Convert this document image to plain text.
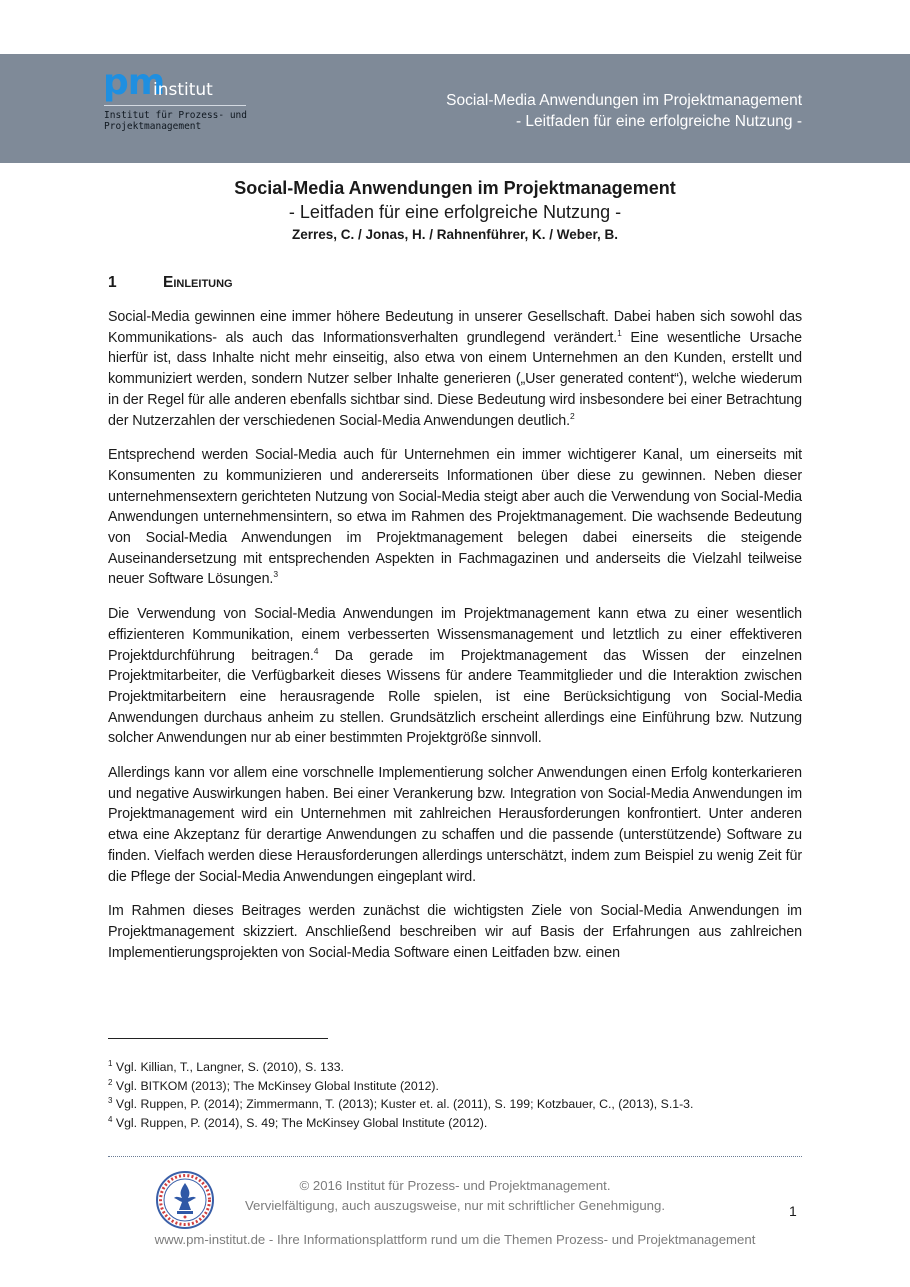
pm
institut
Institut für Prozess- und
Projektmanagement
Social-Media Anwendungen im Projektmanagement
- Leitfaden für eine erfolgreiche Nutzung -
Social-Media Anwendungen im Projektmanagement
- Leitfaden für eine erfolgreiche Nutzung -
Zerres, C. / Jonas, H. / Rahnenführer, K. / Weber, B.
1	Einleitung

Social-Media gewinnen eine immer höhere Bedeutung in unserer Gesellschaft. Dabei haben sich sowohl das Kommunikations- als auch das Informationsverhalten grundlegend verändert.$^1$ Eine wesentliche Ursache hierfür ist, dass Inhalte nicht mehr einseitig, also etwa von einem Unternehmen an den Kunden, erstellt und kommuniziert werden, sondern Nutzer selber Inhalte generieren („User generated content“), welche wiederum in der Regel für alle anderen ebenfalls sichtbar sind. Diese Bedeutung wird insbesondere bei einer Betrachtung der Nutzerzahlen der verschiedenen Social-Media Anwendungen deutlich.$^2$

Entsprechend werden Social-Media auch für Unternehmen ein immer wichtigerer Kanal, um einerseits mit Konsumenten zu kommunizieren und andererseits Informationen über diese zu gewinnen. Neben dieser unternehmensextern gerichteten Nutzung von Social-Media steigt aber auch die Verwendung von Social-Media Anwendungen unternehmensintern, so etwa im Rahmen des Projektmanagement. Die wachsende Bedeutung von Social-Media Anwendungen im Projektmanagement belegen dabei einerseits die steigende Auseinandersetzung mit entsprechenden Aspekten in Fachmagazinen und anderseits die Vielzahl teilweise neuer Software Lösungen.$^3$

Die Verwendung von Social-Media Anwendungen im Projektmanagement kann etwa zu einer wesentlich effizienteren Kommunikation, einem verbesserten Wissensmanagement und letztlich zu einer effektiveren Projektdurchführung beitragen.$^4$ Da gerade im Projektmanagement das Wissen der einzelnen Projektmitarbeiter, die Verfügbarkeit dieses Wissens für andere Teammitglieder und die Interaktion zwischen Projektmitarbeitern eine herausragende Rolle spielen, ist eine Berücksichtigung von Social-Media Anwendungen durchaus anheim zu stellen. Grundsätzlich erscheint allerdings eine Einführung bzw. Nutzung solcher Anwendungen nur ab einer bestimmten Projektgröße sinnvoll.

Allerdings kann vor allem eine vorschnelle Implementierung solcher Anwendungen einen Erfolg konterkarieren und negative Auswirkungen haben. Bei einer Verankerung bzw. Integration von Social-Media Anwendungen im Projektmanagement wird ein Unternehmen mit zahlreichen Herausforderungen konfrontiert. Unter anderen etwa eine Akzeptanz für derartige Anwendungen zu schaffen und die passende (unterstützende) Software zu finden. Vielfach werden diese Herausforderungen allerdings unterschätzt, indem zum Beispiel zu wenig Zeit für die Pflege der Social-Media Anwendungen eingeplant wird.

Im Rahmen dieses Beitrages werden zunächst die wichtigsten Ziele von Social-Media Anwendungen im Projektmanagement skizziert. Anschließend beschreiben wir auf Basis der Erfahrungen aus zahlreichen Implementierungsprojekten von Social-Media Software einen Leitfaden bzw. einen

$^1$ Vgl. Killian, T., Langner, S. (2010), S. 133.
$^2$ Vgl. BITKOM (2013); The McKinsey Global Institute (2012).
$^3$ Vgl. Ruppen, P. (2014); Zimmermann, T. (2013); Kuster et. al. (2011), S. 199; Kotzbauer, C., (2013), S.1-3.
$^4$ Vgl. Ruppen, P. (2014), S. 49; The McKinsey Global Institute (2012).
© 2016 Institut für Prozess- und Projektmanagement.
Vervielfältigung, auch auszugsweise, nur mit schriftlicher Genehmigung.	1
www.pm-institut.de - Ihre Informationsplattform rund um die Themen Prozess- und Projektmanagement
